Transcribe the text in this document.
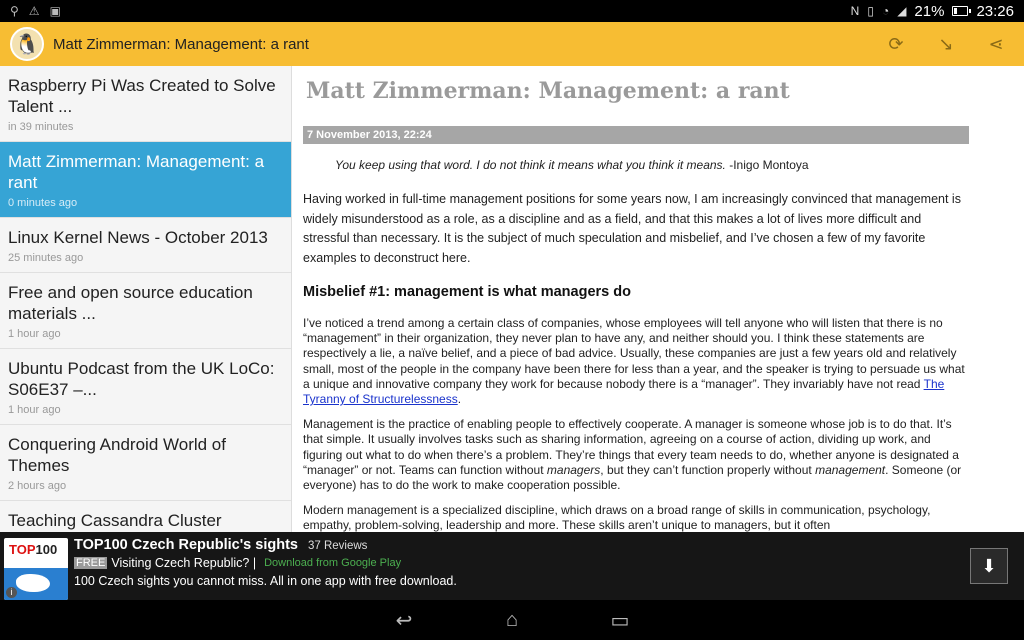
⚲ ⚠ ▣	N ▯ ◔ ◢ 21% 23:26
🐧 Matt Zimmerman: Management: a rant	⟳ ↘ ⋖
Raspberry Pi Was Created to Solve Talent ...
in 39 minutes
Matt Zimmerman: Management: a rant
0 minutes ago
Linux Kernel News - October 2013
25 minutes ago
Free and open source education materials ...
1 hour ago
Ubuntu Podcast from the UK LoCo: S06E37 –...
1 hour ago
Conquering Android World of Themes
2 hours ago
Teaching Cassandra Cluster
Matt Zimmerman: Management: a rant
7 November 2013, 22:24
You keep using that word. I do not think it means what you think it means. -Inigo Montoya
Having worked in full-time management positions for some years now, I am increasingly convinced that management is widely misunderstood as a role, as a discipline and as a field, and that this makes a lot of lives more difficult and stressful than necessary. It is the subject of much speculation and misbelief, and I’ve chosen a few of my favorite examples to deconstruct here.
Misbelief #1: management is what managers do
I’ve noticed a trend among a certain class of companies, whose employees will tell anyone who will listen that there is no “management” in their organization, they never plan to have any, and neither should you. I think these statements are respectively a lie, a naïve belief, and a piece of bad advice. Usually, these companies are just a few years old and relatively small, most of the people in the company have been there for less than a year, and the speaker is trying to persuade us what a unique and innovative company they work for because nobody there is a “manager”. They invariably have not read The Tyranny of Structurelessness.
Management is the practice of enabling people to effectively cooperate. A manager is someone whose job is to do that. It’s that simple. It usually involves tasks such as sharing information, agreeing on a course of action, dividing up work, and figuring out what to do when there’s a problem. They’re things that every team needs to do, whether anyone is designated a “manager” or not. Teams can function without managers, but they can’t function properly without management. Someone (or everyone) has to do the work to make cooperation possible.
Modern management is a specialized discipline, which draws on a broad range of skills in communication, psychology, empathy, problem-solving, leadership and more. These skills aren’t unique to managers, but it often
TOP100
i
TOP100 Czech Republic's sights 37 Reviews
FREE Visiting Czech Republic? | Download from Google Play
100 Czech sights you cannot miss. All in one app with free download.
⬇
↩	⌂	▭
